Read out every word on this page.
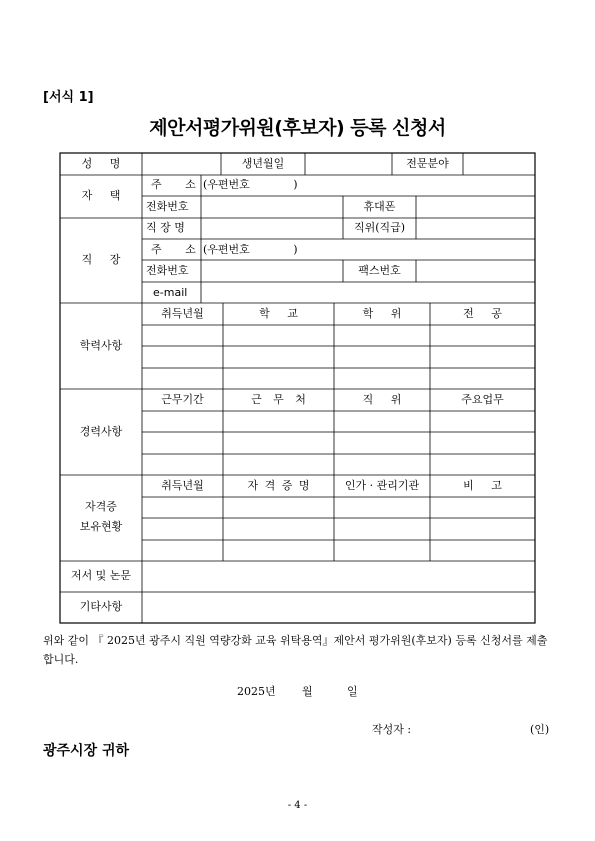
[서식 1]
제안서평가위원(후보자) 등록 신청서
성 명	생년월일	전문분야
자 택
주 소 (우편번호 )
전화번호	휴대폰
직 장
직 장 명	직위(직급)
주 소 (우편번호 )
전화번호	팩스번호
e-mail
학력사항
취득년월	학 교	학 위	전 공
경력사항
근무기간	근 무 처	직 위	주요업무
자격증
보유현황
취득년월	자 격 증 명	인가 · 관리기관	비 고
저서 및 논문
기타사항
위와 같이 『 2025년 광주시 직원 역량강화 교육 위탁용역』제안서 평가위원(후보자) 등록 신청서를 제출합니다.
2025년 월	일
작성자 :	(인)
광주시장 귀하
- 4 -
